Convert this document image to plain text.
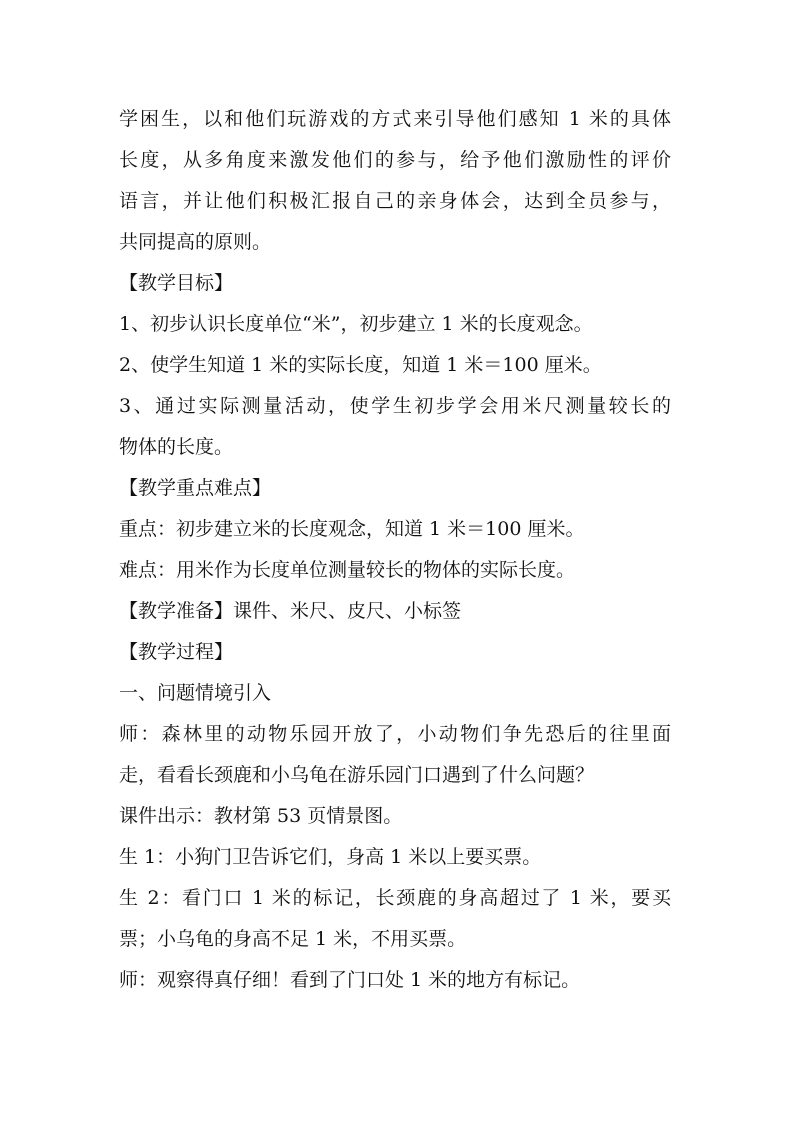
学困生，以和他们玩游戏的方式来引导他们感知 1 米的具体
长度，从多角度来激发他们的参与，给予他们激励性的评价
语言，并让他们积极汇报自己的亲身体会，达到全员参与，
共同提高的原则。
【教学目标】
1、初步认识长度单位“米”，初步建立 1 米的长度观念。
2、使学生知道 1 米的实际长度，知道 1 米＝100 厘米。
3、通过实际测量活动，使学生初步学会用米尺测量较长的
物体的长度。
【教学重点难点】
重点：初步建立米的长度观念，知道 1 米＝100 厘米。
难点：用米作为长度单位测量较长的物体的实际长度。
【教学准备】课件、米尺、皮尺、小标签
【教学过程】
一、问题情境引入
师：森林里的动物乐园开放了，小动物们争先恐后的往里面
走，看看长颈鹿和小乌龟在游乐园门口遇到了什么问题？
课件出示：教材第 53 页情景图。
生 1：小狗门卫告诉它们，身高 1 米以上要买票。
生 2：看门口 1 米的标记，长颈鹿的身高超过了 1 米，要买
票；小乌龟的身高不足 1 米，不用买票。
师：观察得真仔细！看到了门口处 1 米的地方有标记。
